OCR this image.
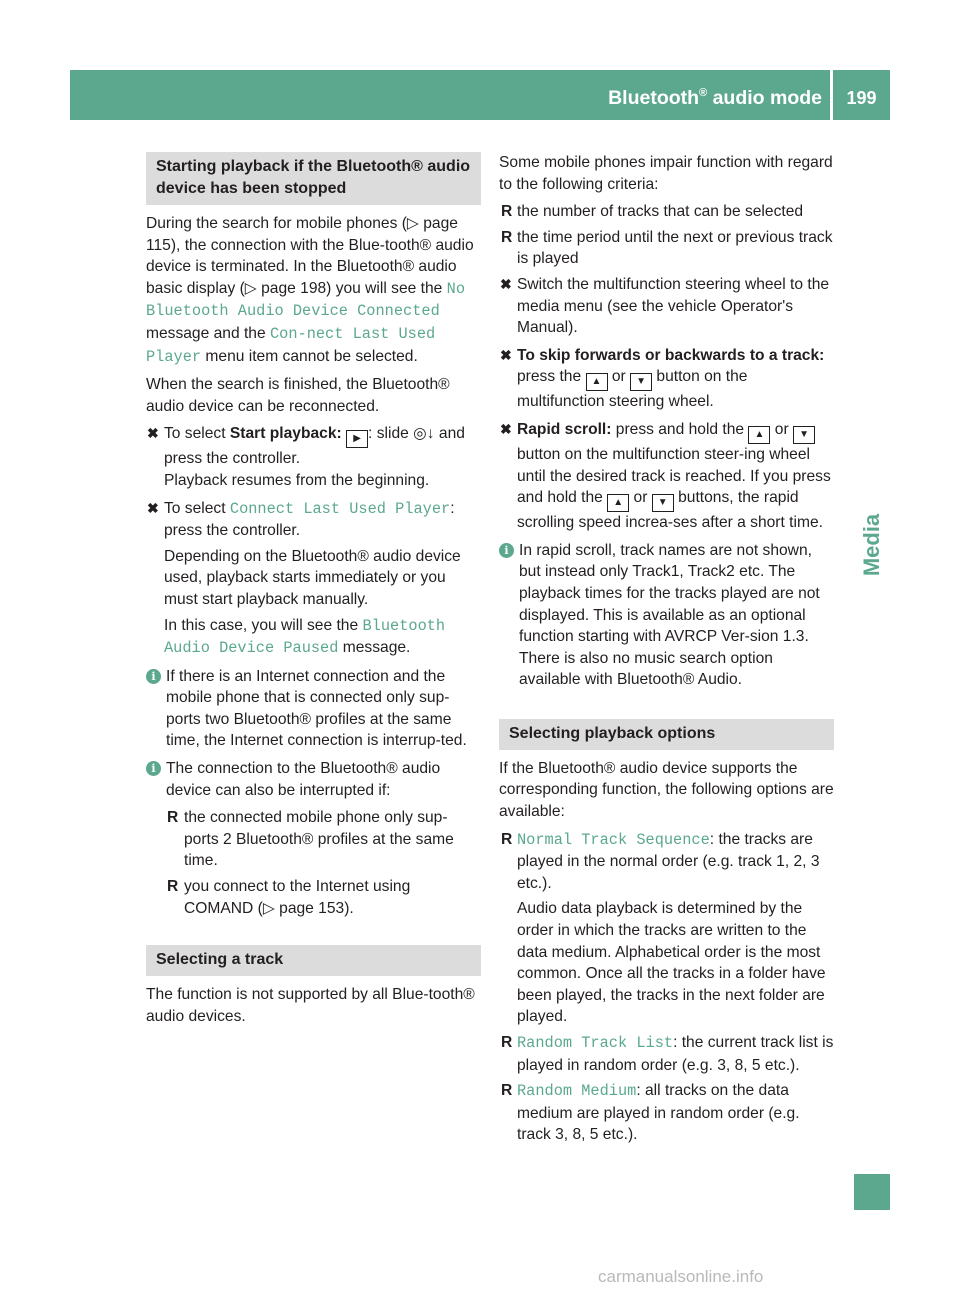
Bluetooth® audio mode	199
Media
Starting playback if the Bluetooth® audio device has been stopped
During the search for mobile phones (▷ page 115), the connection with the Blue-tooth® audio device is terminated. In the Bluetooth® audio basic display (▷ page 198) you will see the No Bluetooth Audio Device Connected message and the Con-nect Last Used Player menu item cannot be selected.
When the search is finished, the Bluetooth® audio device can be reconnected.
✖ To select Start playback: ▶ : slide ◎↓ and press the controller.
Playback resumes from the beginning.
✖ To select Connect Last Used Player: press the controller.
Depending on the Bluetooth® audio device used, playback starts immediately or you must start playback manually.
In this case, you will see the Bluetooth Audio Device Paused message.
i If there is an Internet connection and the mobile phone that is connected only sup-ports two Bluetooth® profiles at the same time, the Internet connection is interrup-ted.
i The connection to the Bluetooth® audio device can also be interrupted if:
R the connected mobile phone only sup-ports 2 Bluetooth® profiles at the same time.
R you connect to the Internet using COMAND (▷ page 153).
Selecting a track
The function is not supported by all Blue-tooth® audio devices.
Some mobile phones impair function with regard to the following criteria:
R the number of tracks that can be selected
R the time period until the next or previous track is played
✖ Switch the multifunction steering wheel to the media menu (see the vehicle Operator's Manual).
✖ To skip forwards or backwards to a track: press the ▲ or ▼ button on the multifunction steering wheel.
✖ Rapid scroll: press and hold the ▲ or ▼ button on the multifunction steer-ing wheel until the desired track is reached. If you press and hold the ▲ or ▼ buttons, the rapid scrolling speed increa-ses after a short time.
i In rapid scroll, track names are not shown, but instead only Track1, Track2 etc. The playback times for the tracks played are not displayed. This is available as an optional function starting with AVRCP Ver-sion 1.3. There is also no music search option available with Bluetooth® Audio.
Selecting playback options
If the Bluetooth® audio device supports the corresponding function, the following options are available:
R Normal Track Sequence: the tracks are played in the normal order (e.g. track 1, 2, 3 etc.).
Audio data playback is determined by the order in which the tracks are written to the data medium. Alphabetical order is the most common. Once all the tracks in a folder have been played, the tracks in the next folder are played.
R Random Track List: the current track list is played in random order (e.g. 3, 8, 5 etc.).
R Random Medium: all tracks on the data medium are played in random order (e.g. track 3, 8, 5 etc.).
carmanualsonline.info
